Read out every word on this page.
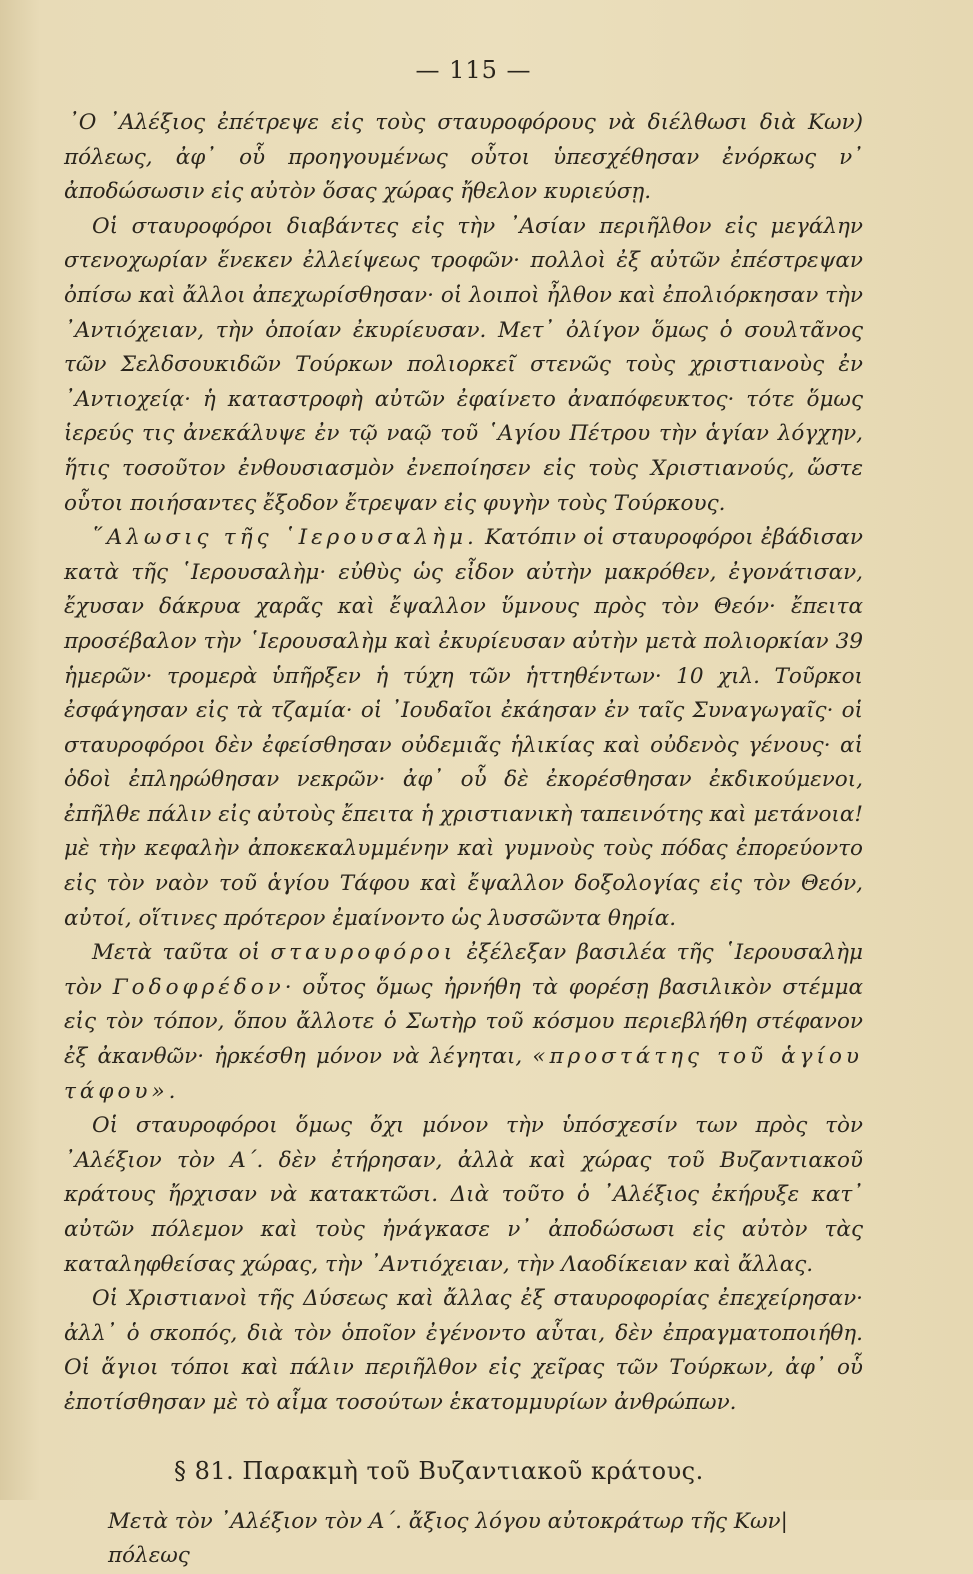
— 115 —

᾿Ο ᾿Αλέξιος ἐπέτρεψε εἰς τοὺς σταυροφόρους νὰ διέλθωσι διὰ Κων) πόλεως, ἀφ᾿ οὗ προηγουμένως οὗτοι ὑπεσχέθησαν ἐνόρκως ν᾿ ἀποδώσωσιν εἰς αὐτὸν ὅσας χώρας ἤθελον κυριεύσῃ.

Οἱ σταυροφόροι διαβάντες εἰς τὴν ᾿Ασίαν περιῆλθον εἰς μεγάλην στενοχωρίαν ἕνεκεν ἐλλείψεως τροφῶν· πολλοὶ ἐξ αὐτῶν ἐπέστρεψαν ὀπίσω καὶ ἄλλοι ἀπεχωρίσθησαν· οἱ λοιποὶ ἦλθον καὶ ἐπολιόρκησαν τὴν ᾿Αντιόχειαν, τὴν ὁποίαν ἐκυρίευσαν. Μετ᾿ ὀλίγον ὅμως ὁ σουλτᾶνος τῶν Σελδσουκιδῶν Τούρκων πολιορκεῖ στενῶς τοὺς χριστιανοὺς ἐν ᾿Αντιοχείᾳ· ἡ καταστροφὴ αὐτῶν ἐφαίνετο ἀναπόφευκτος· τότε ὅμως ἱερεύς τις ἀνεκάλυψε ἐν τῷ ναῷ τοῦ ῾Αγίου Πέτρου τὴν ἁγίαν λόγχην, ἥτις τοσοῦτον ἐνθουσιασμὸν ἐνεποίησεν εἰς τοὺς Χριστιανούς, ὥστε οὗτοι ποιήσαντες ἔξοδον ἔτρεψαν εἰς φυγὴν τοὺς Τούρκους.

῞Αλωσις τῆς ῾Ιερουσαλὴμ. Κατόπιν οἱ σταυροφόροι ἐβάδισαν κατὰ τῆς ῾Ιερουσαλὴμ· εὐθὺς ὡς εἶδον αὐτὴν μακρόθεν, ἐγονάτισαν, ἔχυσαν δάκρυα χαρᾶς καὶ ἔψαλλον ὕμνους πρὸς τὸν Θεόν· ἔπειτα προσέβαλον τὴν ῾Ιερουσαλὴμ καὶ ἐκυρίευσαν αὐτὴν μετὰ πολιορκίαν 39 ἡμερῶν· τρομερὰ ὑπῆρξεν ἡ τύχη τῶν ἡττηθέντων· 10 χιλ. Τοῦρκοι ἐσφάγησαν εἰς τὰ τζαμία· οἱ ᾿Ιουδαῖοι ἐκάησαν ἐν ταῖς Συναγωγαῖς· οἱ σταυροφόροι δὲν ἐφείσθησαν οὐδεμιᾶς ἡλικίας καὶ οὐδενὸς γένους· αἱ ὁδοὶ ἐπληρώθησαν νεκρῶν· ἀφ᾿ οὗ δὲ ἐκορέσθησαν ἐκδικούμενοι, ἐπῆλθε πάλιν εἰς αὐτοὺς ἔπειτα ἡ χριστιανικὴ ταπεινότης καὶ μετάνοια! μὲ τὴν κεφαλὴν ἀποκεκαλυμμένην καὶ γυμνοὺς τοὺς πόδας ἐπορεύοντο εἰς τὸν ναὸν τοῦ ἁγίου Τάφου καὶ ἔψαλλον δοξολογίας εἰς τὸν Θεόν, αὐτοί, οἵτινες πρότερον ἐμαίνοντο ὡς λυσσῶντα θηρία.

Μετὰ ταῦτα οἱ σταυροφόροι ἐξέλεξαν βασιλέα τῆς ῾Ιερουσαλὴμ τὸν Γοδοφρέδον· οὗτος ὅμως ἠρνήθη τὰ φορέσῃ βασιλικὸν στέμμα εἰς τὸν τόπον, ὅπου ἄλλοτε ὁ Σωτὴρ τοῦ κόσμου περιεβλήθη στέφανον ἐξ ἀκανθῶν· ἠρκέσθη μόνον νὰ λέγηται, «προστάτης τοῦ ἁγίου τάφου».

Οἱ σταυροφόροι ὅμως ὄχι μόνον τὴν ὑπόσχεσίν των πρὸς τὸν ᾿Αλέξιον τὸν Α΄. δὲν ἐτήρησαν, ἀλλὰ καὶ χώρας τοῦ Βυζαντιακοῦ κράτους ἤρχισαν νὰ κατακτῶσι. Διὰ τοῦτο ὁ ᾿Αλέξιος ἐκήρυξε κατ᾿ αὐτῶν πόλεμον καὶ τοὺς ἠνάγκασε ν᾿ ἀποδώσωσι εἰς αὐτὸν τὰς καταληφθείσας χώρας, τὴν ᾿Αντιόχειαν, τὴν Λαοδίκειαν καὶ ἄλλας.

Οἱ Χριστιανοὶ τῆς Δύσεως καὶ ἄλλας ἐξ σταυροφορίας ἐπεχείρησαν· ἀλλ᾿ ὁ σκοπός, διὰ τὸν ὁποῖον ἐγένοντο αὗται, δὲν ἐπραγματοποιήθη. Οἱ ἅγιοι τόποι καὶ πάλιν περιῆλθον εἰς χεῖρας τῶν Τούρκων, ἀφ᾿ οὗ ἐποτίσθησαν μὲ τὸ αἷμα τοσούτων ἑκατομμυρίων ἀνθρώπων.

§ 81. Παρακμὴ τοῦ Βυζαντιακοῦ κράτους.

Μετὰ τὸν ᾿Αλέξιον τὸν Α΄. ἄξιος λόγου αὐτοκράτωρ τῆς Κων|πόλεως
